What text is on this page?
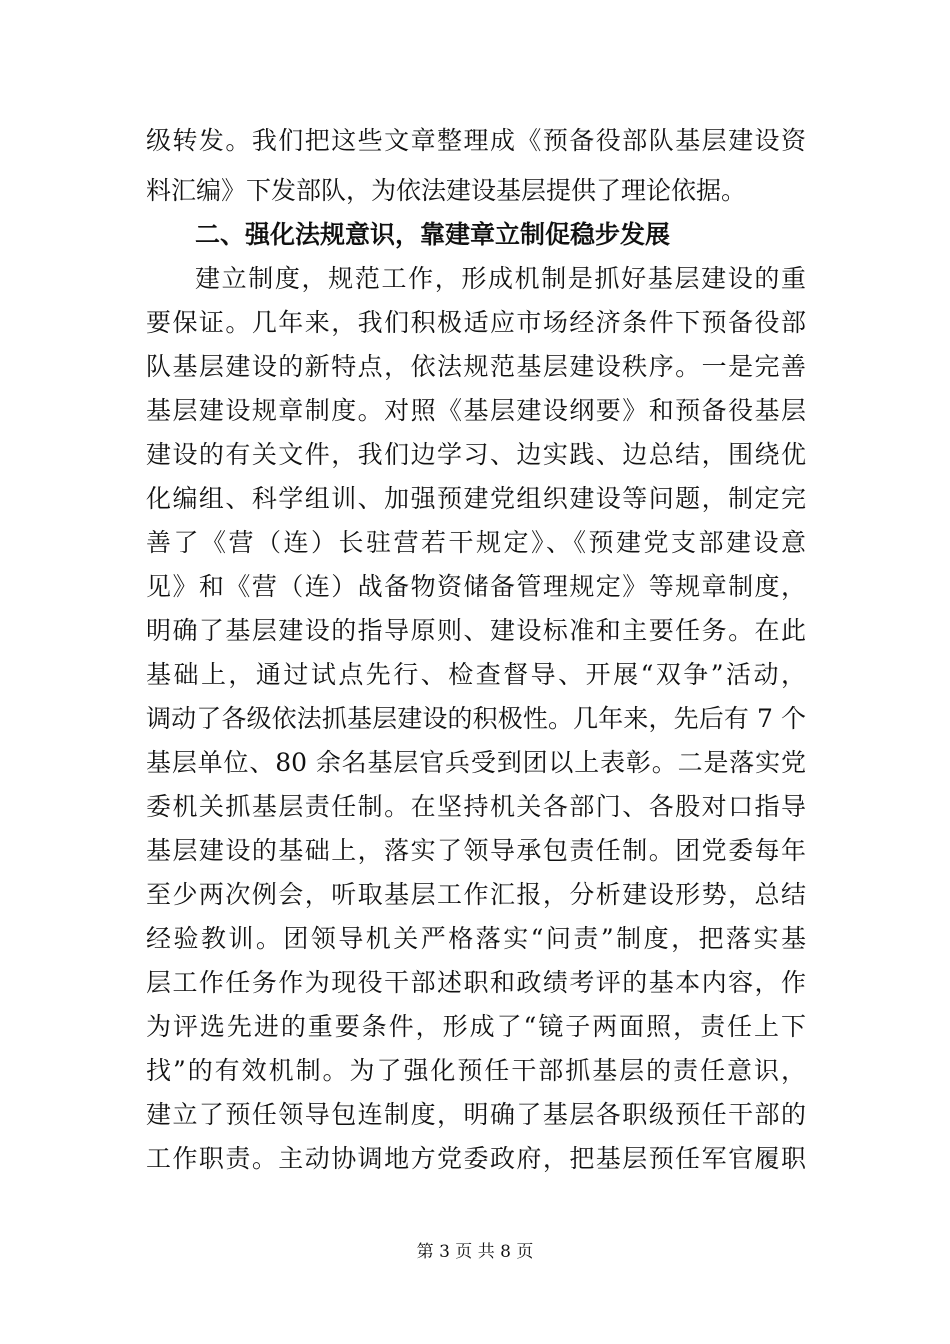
级转发。我们把这些文章整理成《预备役部队基层建设资
料汇编》下发部队，为依法建设基层提供了理论依据。
二、强化法规意识，靠建章立制促稳步发展
建立制度，规范工作，形成机制是抓好基层建设的重
要保证。几年来，我们积极适应市场经济条件下预备役部
队基层建设的新特点，依法规范基层建设秩序。一是完善
基层建设规章制度。对照《基层建设纲要》和预备役基层
建设的有关文件，我们边学习、边实践、边总结，围绕优
化编组、科学组训、加强预建党组织建设等问题，制定完
善了《营（连）长驻营若干规定》、《预建党支部建设意
见》和《营（连）战备物资储备管理规定》等规章制度，
明确了基层建设的指导原则、建设标准和主要任务。在此
基础上，通过试点先行、检查督导、开展“双争”活动，
调动了各级依法抓基层建设的积极性。几年来，先后有 7 个
基层单位、80 余名基层官兵受到团以上表彰。二是落实党
委机关抓基层责任制。在坚持机关各部门、各股对口指导
基层建设的基础上，落实了领导承包责任制。团党委每年
至少两次例会，听取基层工作汇报，分析建设形势，总结
经验教训。团领导机关严格落实“问责”制度，把落实基
层工作任务作为现役干部述职和政绩考评的基本内容，作
为评选先进的重要条件，形成了“镜子两面照，责任上下
找”的有效机制。为了强化预任干部抓基层的责任意识，
建立了预任领导包连制度，明确了基层各职级预任干部的
工作职责。主动协调地方党委政府，把基层预任军官履职
第 3 页 共 8 页
